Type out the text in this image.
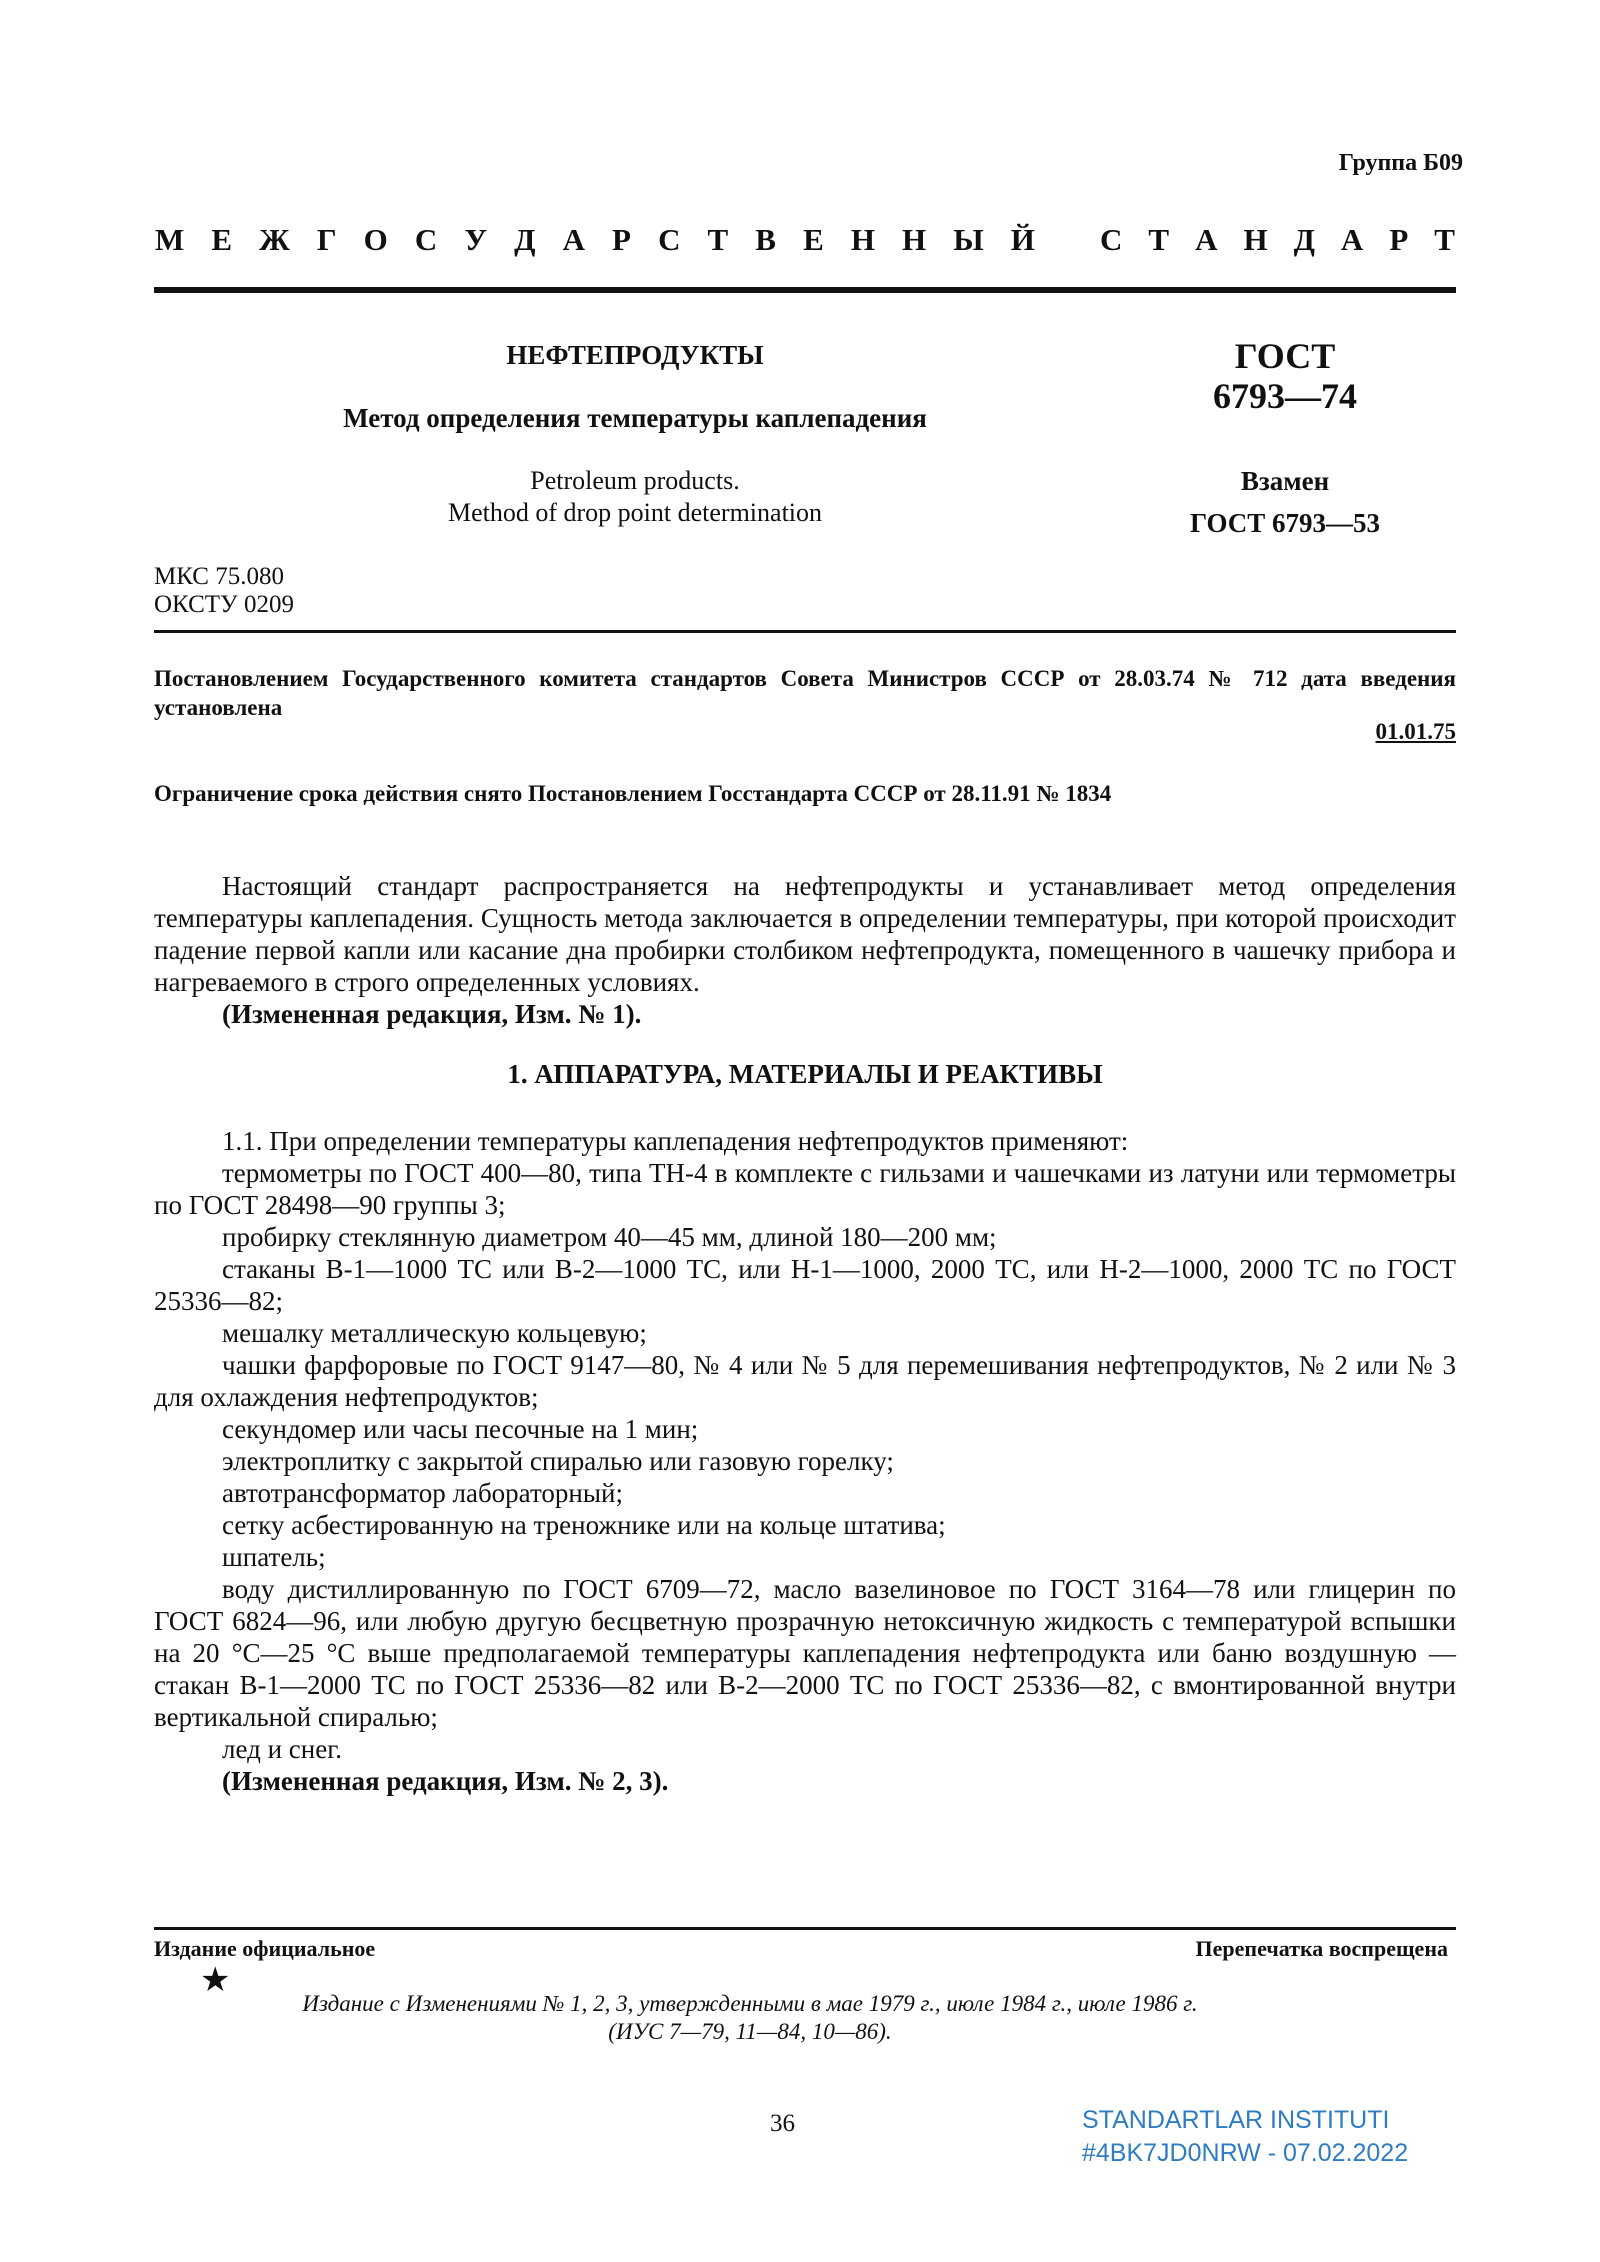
Группа Б09
М Е Ж Г О С У Д А Р С Т В Е Н Н Ы Й С Т А Н Д А Р Т
НЕФТЕПРОДУКТЫ
Метод определения температуры каплепадения
Petroleum products.
Method of drop point determination
ГОСТ
6793—74
Взамен
ГОСТ 6793—53
МКС 75.080
ОКСТУ 0209
Постановлением Государственного комитета стандартов Совета Министров СССР от 28.03.74 № 712 дата введения установлена
01.01.75
Ограничение срока действия снято Постановлением Госстандарта СССР от 28.11.91 № 1834

Настоящий стандарт распространяется на нефтепродукты и устанавливает метод определения температуры каплепадения. Сущность метода заключается в определении температуры, при которой происходит падение первой капли или касание дна пробирки столбиком нефтепродукта, помещенного в чашечку прибора и нагреваемого в строго определенных условиях.

(Измененная редакция, Изм. № 1).

1. АППАРАТУРА, МАТЕРИАЛЫ И РЕАКТИВЫ

1.1. При определении температуры каплепадения нефтепродуктов применяют:

термометры по ГОСТ 400—80, типа ТН-4 в комплекте с гильзами и чашечками из латуни или термометры по ГОСТ 28498—90 группы 3;

пробирку стеклянную диаметром 40—45 мм, длиной 180—200 мм;

стаканы В-1—1000 ТС или В-2—1000 ТС, или Н-1—1000, 2000 ТС, или Н-2—1000, 2000 ТС по ГОСТ 25336—82;

мешалку металлическую кольцевую;

чашки фарфоровые по ГОСТ 9147—80, № 4 или № 5 для перемешивания нефтепродуктов, № 2 или № 3 для охлаждения нефтепродуктов;

секундомер или часы песочные на 1 мин;

электроплитку с закрытой спиралью или газовую горелку;

автотрансформатор лабораторный;

сетку асбестированную на треножнике или на кольце штатива;

шпатель;

воду дистиллированную по ГОСТ 6709—72, масло вазелиновое по ГОСТ 3164—78 или глицерин по ГОСТ 6824—96, или любую другую бесцветную прозрачную нетоксичную жидкость с температурой вспышки на 20 °С—25 °С выше предполагаемой температуры каплепадения нефтепродукта или баню воздушную — стакан В-1—2000 ТС по ГОСТ 25336—82 или В-2—2000 ТС по ГОСТ 25336—82, с вмонтированной внутри вертикальной спиралью;

лед и снег.

(Измененная редакция, Изм. № 2, 3).

Издание официальное	Перепечатка воспрещена
★
Издание с Изменениями № 1, 2, 3, утвержденными в мае 1979 г., июле 1984 г., июле 1986 г.
(ИУС 7—79, 11—84, 10—86).
36	STANDARTLAR INSTITUTI
#4BK7JD0NRW - 07.02.2022
